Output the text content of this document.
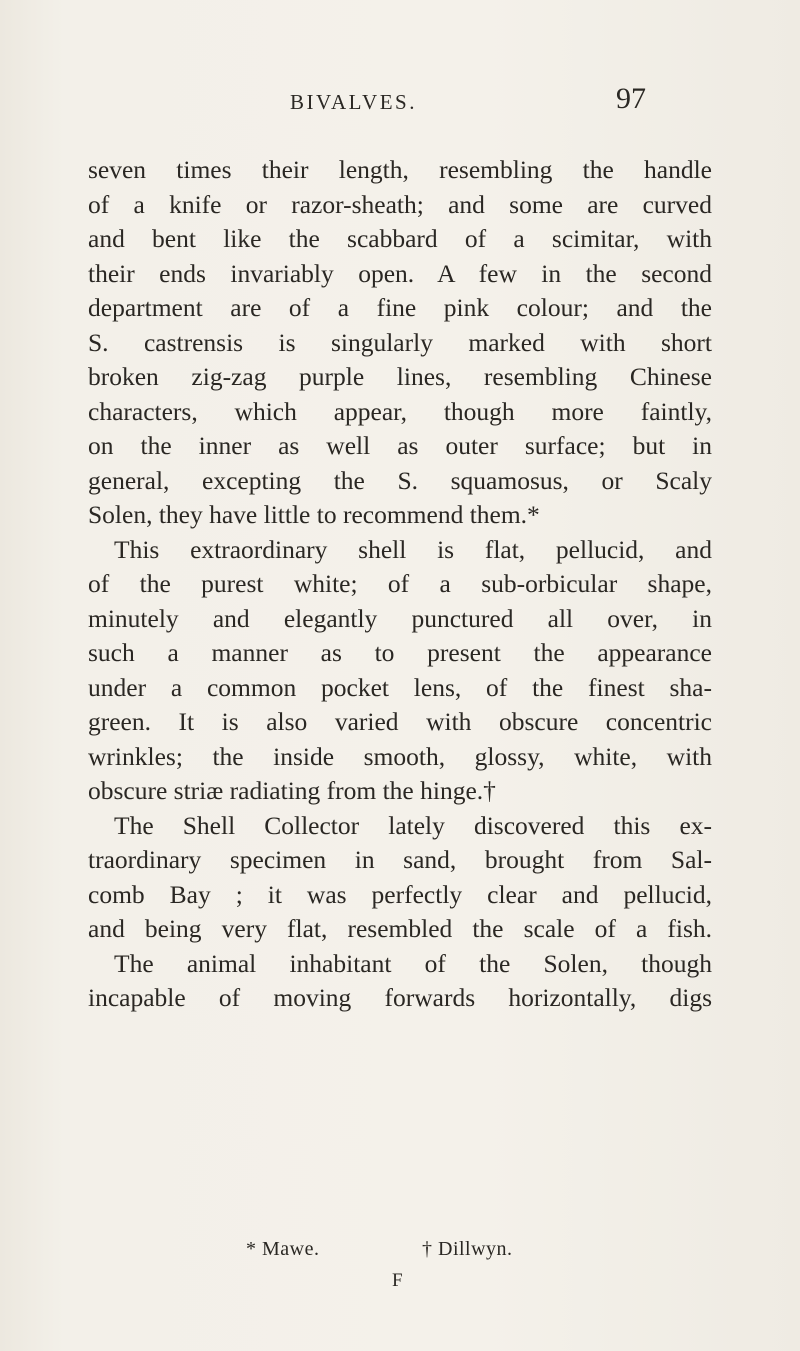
BIVALVES.	97
seven times their length, resembling the handle
of a knife or razor-sheath; and some are curved
and bent like the scabbard of a scimitar, with
their ends invariably open. A few in the second
department are of a fine pink colour; and the
S. castrensis is singularly marked with short
broken zig-zag purple lines, resembling Chinese
characters, which appear, though more faintly,
on the inner as well as outer surface; but in
general, excepting the S. squamosus, or Scaly
Solen, they have little to recommend them.*
This extraordinary shell is flat, pellucid, and
of the purest white; of a sub-orbicular shape,
minutely and elegantly punctured all over, in
such a manner as to present the appearance
under a common pocket lens, of the finest sha-
green. It is also varied with obscure concentric
wrinkles; the inside smooth, glossy, white, with
obscure striæ radiating from the hinge.†
The Shell Collector lately discovered this ex-
traordinary specimen in sand, brought from Sal-
comb Bay ; it was perfectly clear and pellucid,
and being very flat, resembled the scale of a fish.
The animal inhabitant of the Solen, though
incapable of moving forwards horizontally, digs
* Mawe.	† Dillwyn.
F
